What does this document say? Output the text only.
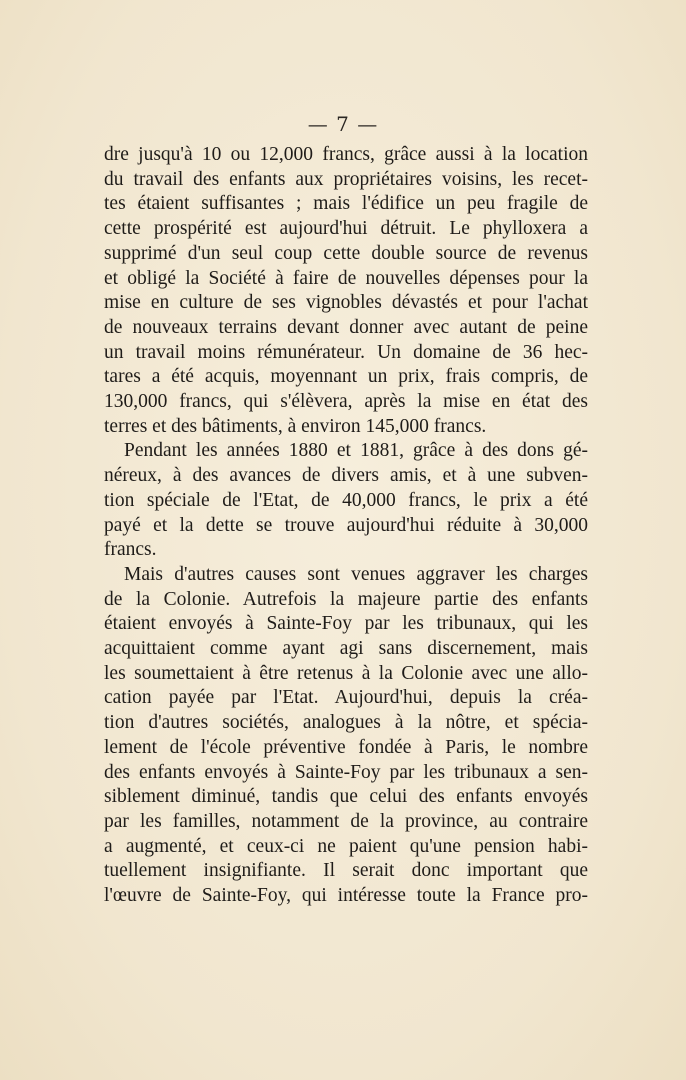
— 7 —
dre jusqu'à 10 ou 12,000 francs, grâce aussi à la location
du travail des enfants aux propriétaires voisins, les recet-
tes étaient suffisantes ; mais l'édifice un peu fragile de
cette prospérité est aujourd'hui détruit. Le phylloxera a
supprimé d'un seul coup cette double source de revenus
et obligé la Société à faire de nouvelles dépenses pour la
mise en culture de ses vignobles dévastés et pour l'achat
de nouveaux terrains devant donner avec autant de peine
un travail moins rémunérateur. Un domaine de 36 hec-
tares a été acquis, moyennant un prix, frais compris, de
130,000 francs, qui s'élèvera, après la mise en état des
terres et des bâtiments, à environ 145,000 francs.
Pendant les années 1880 et 1881, grâce à des dons gé-
néreux, à des avances de divers amis, et à une subven-
tion spéciale de l'Etat, de 40,000 francs, le prix a été
payé et la dette se trouve aujourd'hui réduite à 30,000
francs.
Mais d'autres causes sont venues aggraver les charges
de la Colonie. Autrefois la majeure partie des enfants
étaient envoyés à Sainte-Foy par les tribunaux, qui les
acquittaient comme ayant agi sans discernement, mais
les soumettaient à être retenus à la Colonie avec une allo-
cation payée par l'Etat. Aujourd'hui, depuis la créa-
tion d'autres sociétés, analogues à la nôtre, et spécia-
lement de l'école préventive fondée à Paris, le nombre
des enfants envoyés à Sainte-Foy par les tribunaux a sen-
siblement diminué, tandis que celui des enfants envoyés
par les familles, notamment de la province, au contraire
a augmenté, et ceux-ci ne paient qu'une pension habi-
tuellement insignifiante. Il serait donc important que
l'œuvre de Sainte-Foy, qui intéresse toute la France pro-
